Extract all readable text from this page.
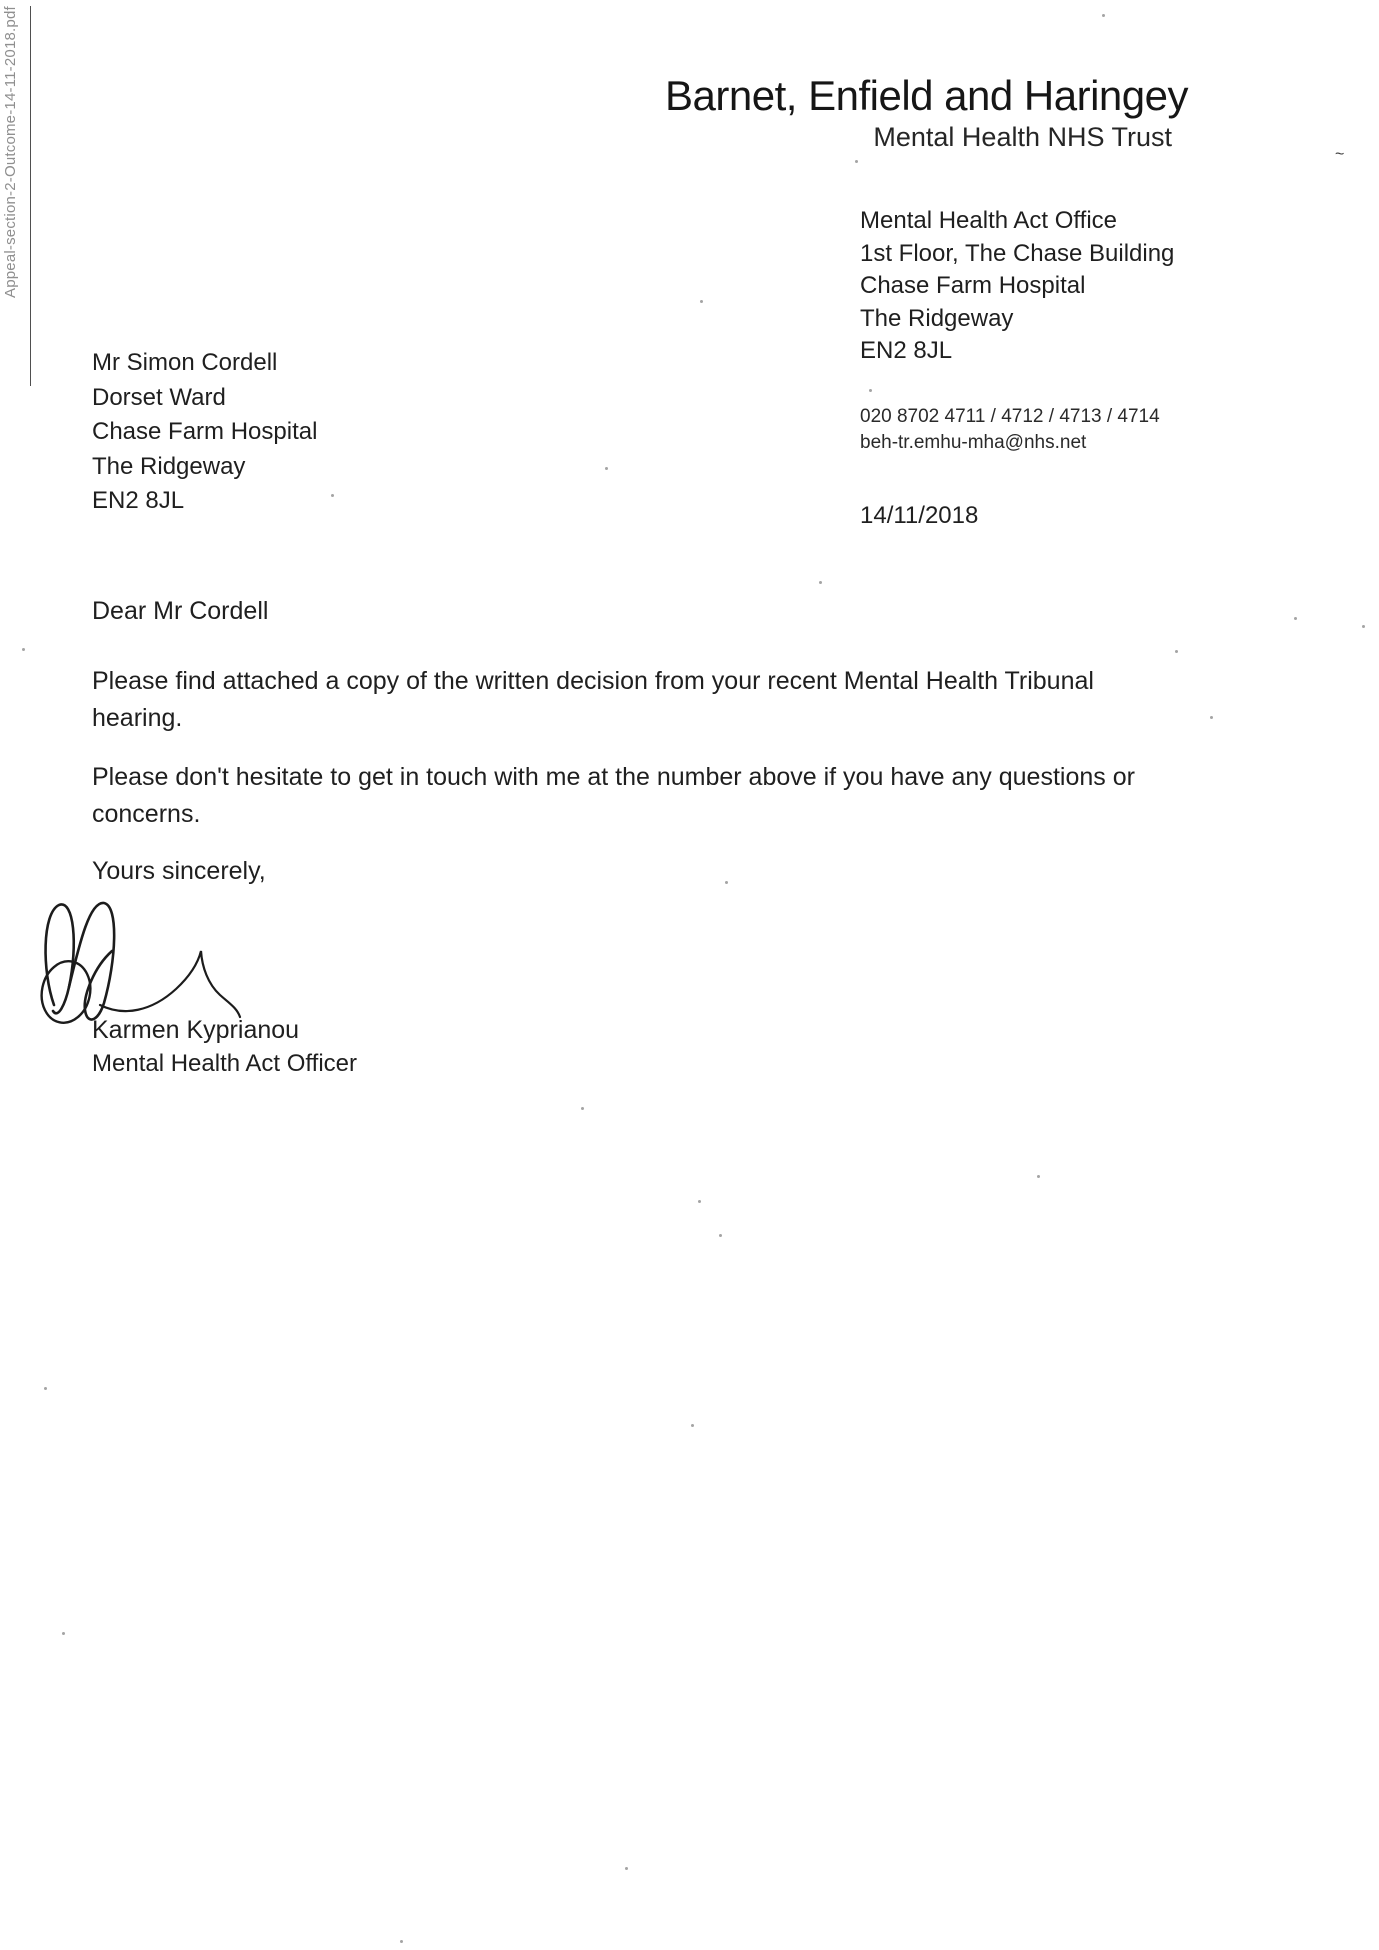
Appeal-section-2-Outcome-14-11-2018.pdf	Barnet, Enfield and Haringey
Mental Health NHS Trust
Mental Health Act Office
1st Floor, The Chase Building
Chase Farm Hospital
The Ridgeway
EN2 8JL
020 8702 4711 / 4712 / 4713 / 4714
beh-tr.emhu-mha@nhs.net
14/11/2018
Mr Simon Cordell
Dorset Ward
Chase Farm Hospital
The Ridgeway
EN2 8JL
Dear Mr Cordell
Please find attached a copy of the written decision from your recent Mental Health Tribunal
hearing.
Please don't hesitate to get in touch with me at the number above if you have any questions or
concerns.
Yours sincerely,
Karmen Kyprianou
Mental Health Act Officer
~
